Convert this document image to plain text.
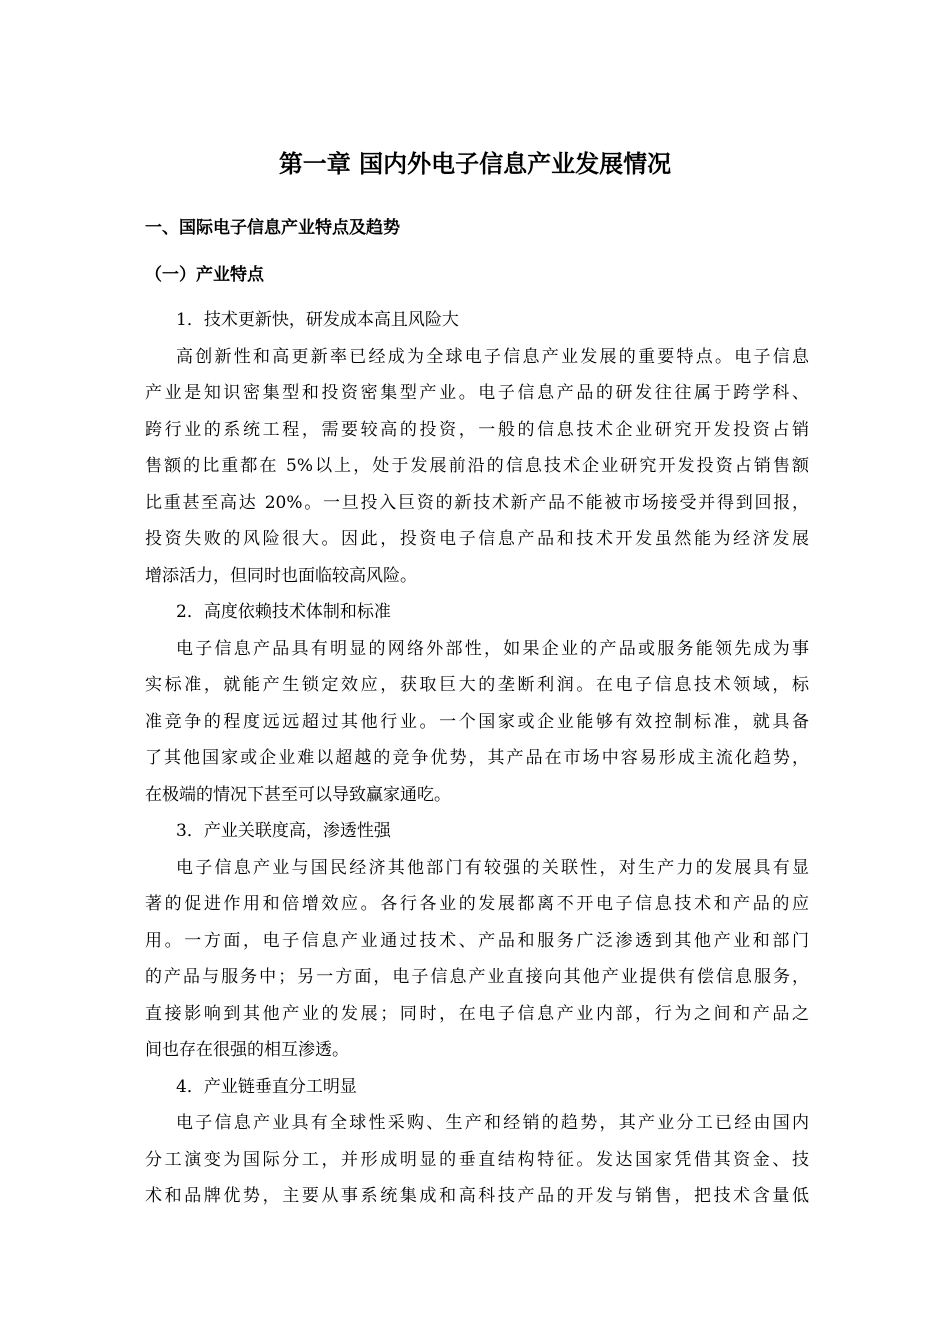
第一章 国内外电子信息产业发展情况
一、国际电子信息产业特点及趋势
（一）产业特点

1．技术更新快，研发成本高且风险大

高创新性和高更新率已经成为全球电子信息产业发展的重要特点。电子信息
产业是知识密集型和投资密集型产业。电子信息产品的研发往往属于跨学科、
跨行业的系统工程，需要较高的投资，一般的信息技术企业研究开发投资占销
售额的比重都在 5%以上，处于发展前沿的信息技术企业研究开发投资占销售额
比重甚至高达 20%。一旦投入巨资的新技术新产品不能被市场接受并得到回报，
投资失败的风险很大。因此，投资电子信息产品和技术开发虽然能为经济发展
增添活力，但同时也面临较高风险。

2．高度依赖技术体制和标准

电子信息产品具有明显的网络外部性，如果企业的产品或服务能领先成为事
实标准，就能产生锁定效应，获取巨大的垄断利润。在电子信息技术领域，标
准竞争的程度远远超过其他行业。一个国家或企业能够有效控制标准，就具备
了其他国家或企业难以超越的竞争优势，其产品在市场中容易形成主流化趋势，
在极端的情况下甚至可以导致赢家通吃。

3．产业关联度高，渗透性强

电子信息产业与国民经济其他部门有较强的关联性，对生产力的发展具有显
著的促进作用和倍增效应。各行各业的发展都离不开电子信息技术和产品的应
用。一方面，电子信息产业通过技术、产品和服务广泛渗透到其他产业和部门
的产品与服务中；另一方面，电子信息产业直接向其他产业提供有偿信息服务，
直接影响到其他产业的发展；同时，在电子信息产业内部，行为之间和产品之
间也存在很强的相互渗透。

4．产业链垂直分工明显

电子信息产业具有全球性采购、生产和经销的趋势，其产业分工已经由国内
分工演变为国际分工，并形成明显的垂直结构特征。发达国家凭借其资金、技
术和品牌优势，主要从事系统集成和高科技产品的开发与销售，把技术含量低
